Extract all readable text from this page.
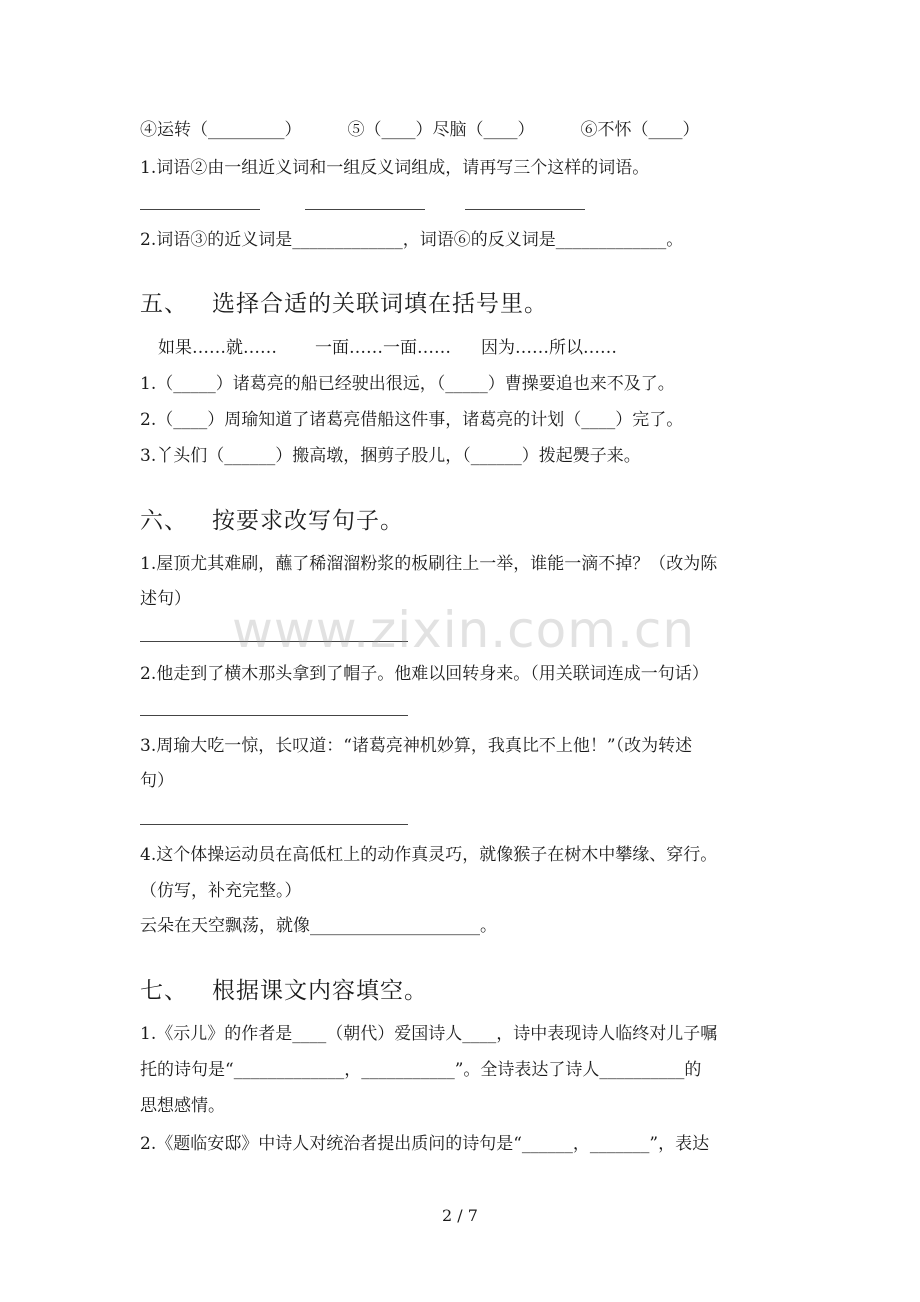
④运转（_________）	⑤（____）尽脑（____）	⑥不怀（____）
1.词语②由一组近义词和一组反义词组成，请再写三个这样的词语。
2.词语③的近义词是_____________，词语⑥的反义词是_____________。
五、 选择合适的关联词填在括号里。
如果……就…… 一面……一面…… 因为……所以……
1.（_____）诸葛亮的船已经驶出很远，（_____）曹操要追也来不及了。
2.（____）周瑜知道了诸葛亮借船这件事，诸葛亮的计划（____）完了。
3.丫头们（______）搬高墩，捆剪子股儿，（______）拨起爂子来。
六、 按要求改写句子。
1.屋顶尤其难刷，蘸了稀溜溜粉浆的板刷往上一举，谁能一滴不掉？（改为陈
述句）
2.他走到了横木那头拿到了帽子。他难以回转身来。（用关联词连成一句话）
3.周瑜大吃一惊，长叹道：“诸葛亮神机妙算，我真比不上他！”（改为转述
句）
4.这个体操运动员在高低杠上的动作真灵巧，就像猴子在树木中攀缘、穿行。
（仿写，补充完整。）
云朵在天空飘荡，就像____________________。
七、 根据课文内容填空。
1.《示儿》的作者是____（朝代）爱国诗人____，诗中表现诗人临终对儿子嘱
托的诗句是“_____________，___________”。全诗表达了诗人__________的
思想感情。
2.《题临安邸》中诗人对统治者提出质问的诗句是“______，_______”，表达
www.zixin.com.cn
2 / 7
